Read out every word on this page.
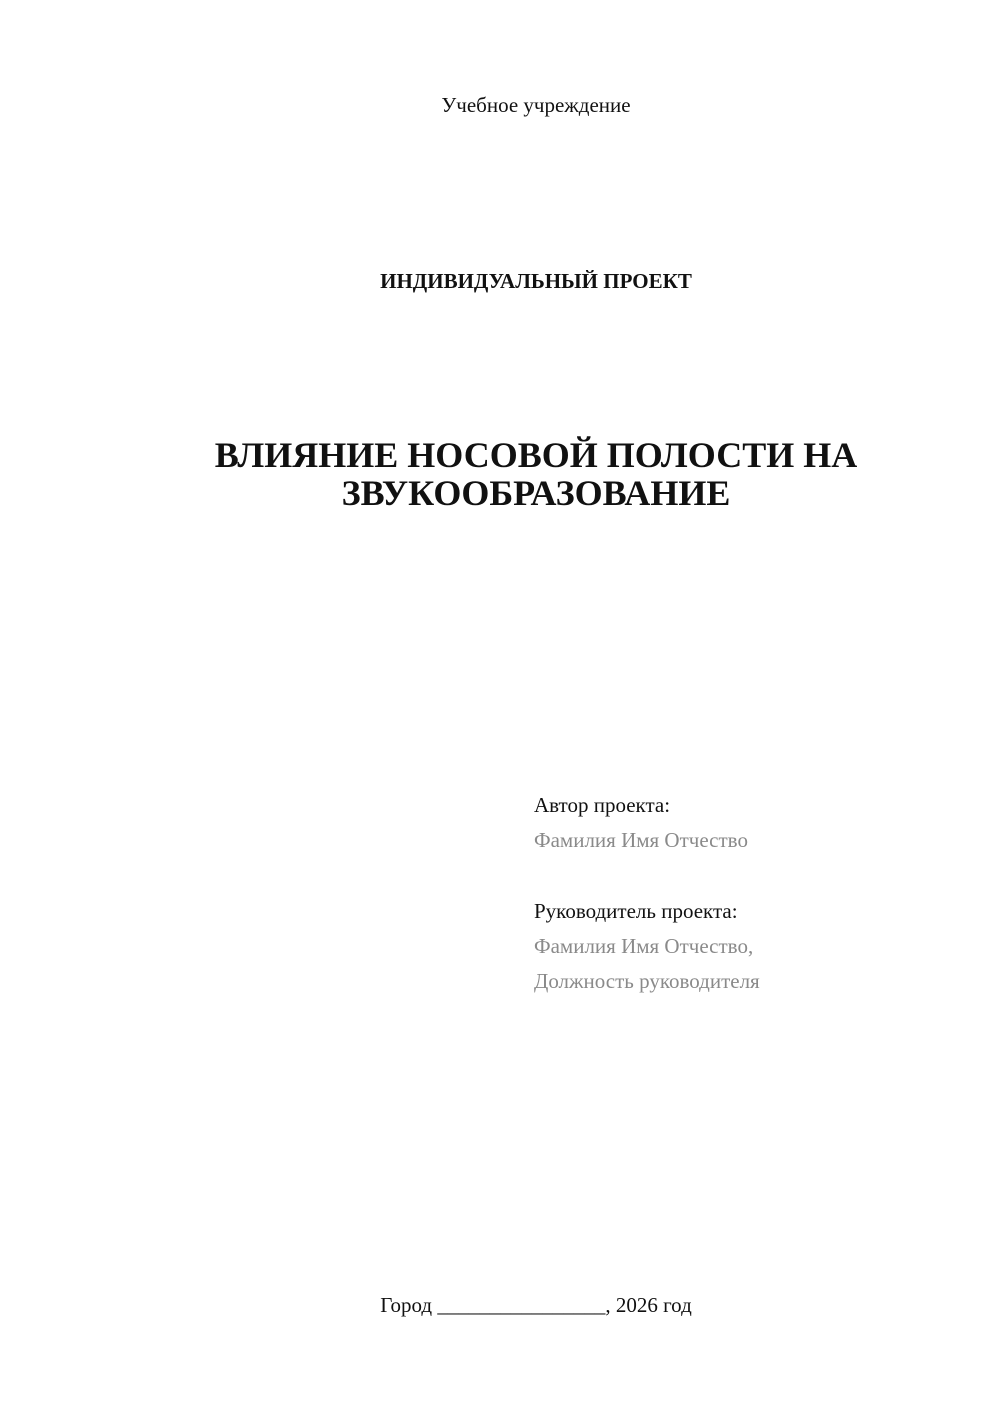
Учебное учреждение
ИНДИВИДУАЛЬНЫЙ ПРОЕКТ
ВЛИЯНИЕ НОСОВОЙ ПОЛОСТИ НА
ЗВУКООБРАЗОВАНИЕ
Автор проекта:
Фамилия Имя Отчество
Руководитель проекта:
Фамилия Имя Отчество,
Должность руководителя
Город ________________, 2026 год
